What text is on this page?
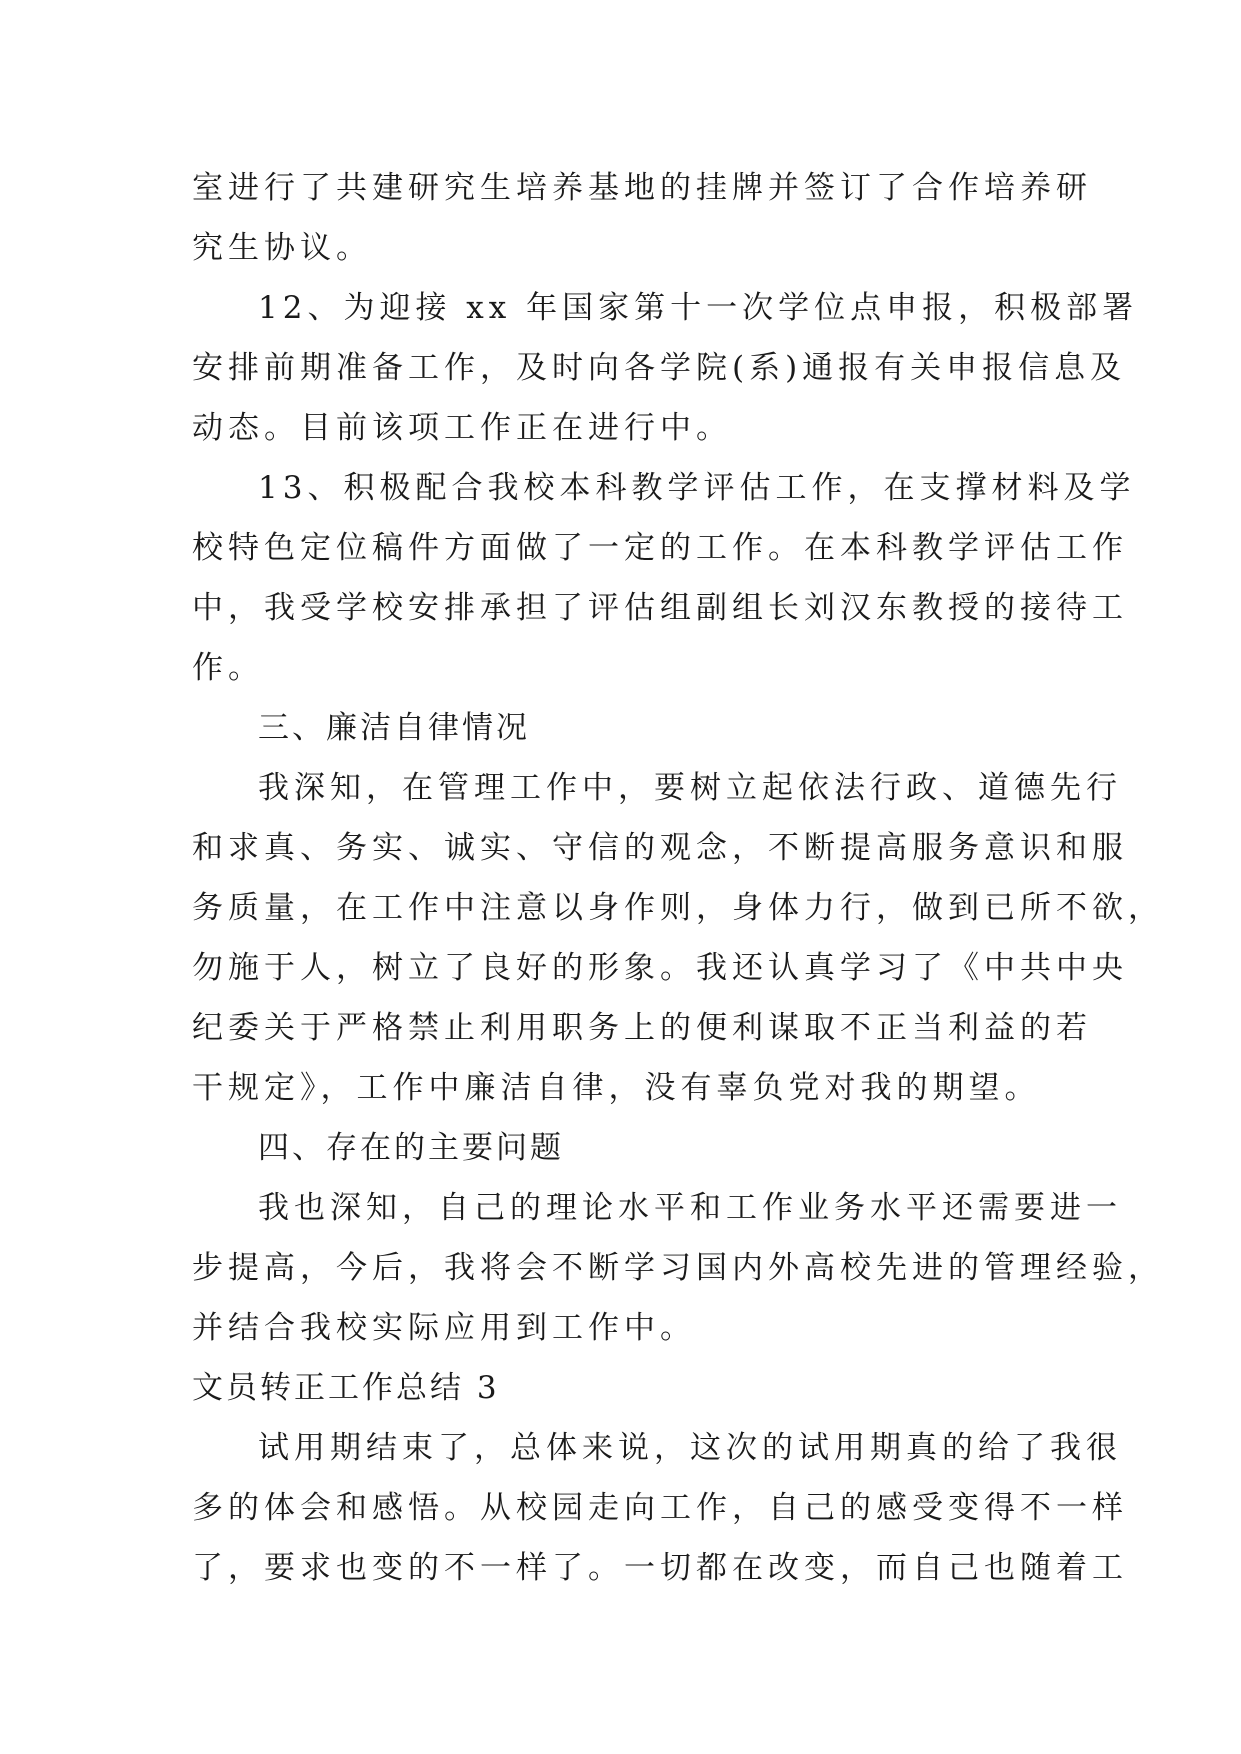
室进行了共建研究生培养基地的挂牌并签订了合作培养研
究生协议。
12、为迎接 xx 年国家第十一次学位点申报，积极部署
安排前期准备工作，及时向各学院(系)通报有关申报信息及
动态。目前该项工作正在进行中。
13、积极配合我校本科教学评估工作，在支撑材料及学
校特色定位稿件方面做了一定的工作。在本科教学评估工作
中，我受学校安排承担了评估组副组长刘汉东教授的接待工
作。
三、廉洁自律情况
我深知，在管理工作中，要树立起依法行政、道德先行
和求真、务实、诚实、守信的观念，不断提高服务意识和服
务质量，在工作中注意以身作则，身体力行，做到已所不欲，
勿施于人，树立了良好的形象。我还认真学习了《中共中央
纪委关于严格禁止利用职务上的便利谋取不正当利益的若
干规定》，工作中廉洁自律，没有辜负党对我的期望。
四、存在的主要问题
我也深知，自己的理论水平和工作业务水平还需要进一
步提高，今后，我将会不断学习国内外高校先进的管理经验，
并结合我校实际应用到工作中。
文员转正工作总结 3
试用期结束了，总体来说，这次的试用期真的给了我很
多的体会和感悟。从校园走向工作，自己的感受变得不一样
了，要求也变的不一样了。一切都在改变，而自己也随着工
